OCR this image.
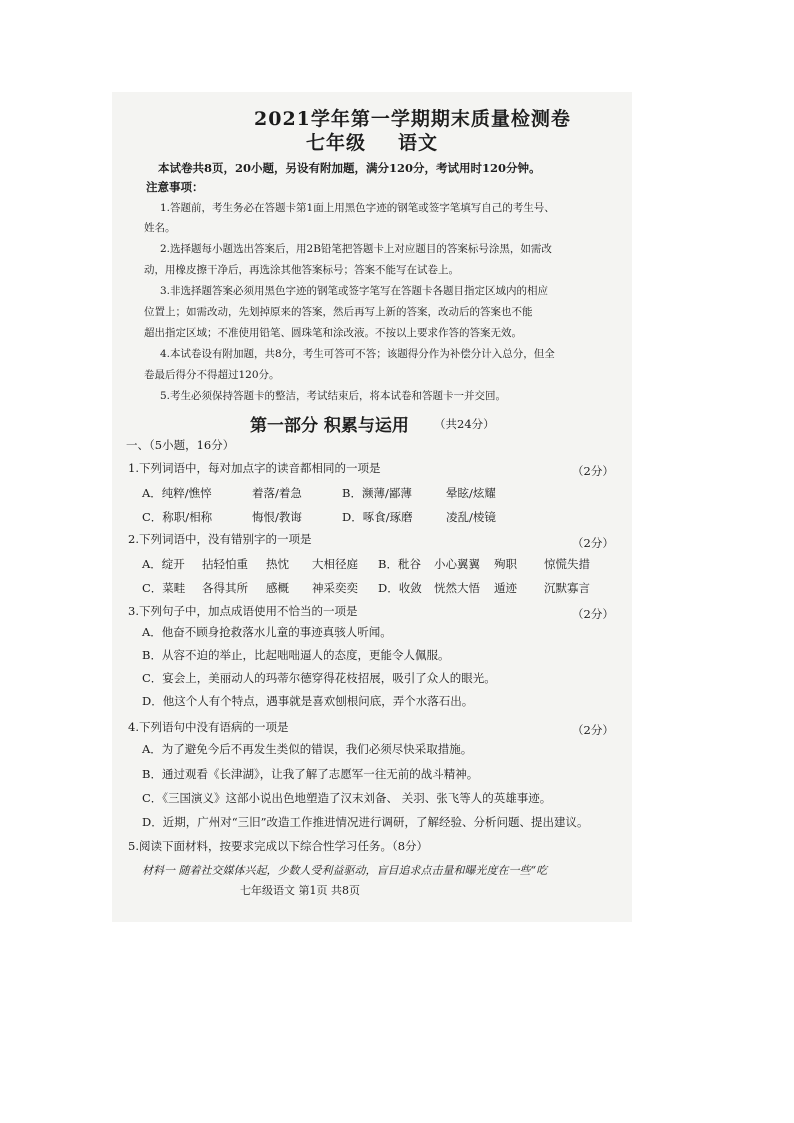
2021学年第一学期期末质量检测卷
七年级 语文
本试卷共8页，20小题，另设有附加题，满分120分，考试用时120分钟。
注意事项：
1.答题前，考生务必在答题卡第1面上用黑色字迹的钢笔或签字笔填写自己的考生号、
姓名。
2.选择题每小题选出答案后，用2B铅笔把答题卡上对应题目的答案标号涂黑，如需改
动，用橡皮擦干净后，再选涂其他答案标号；答案不能写在试卷上。
3.非选择题答案必须用黑色字迹的钢笔或签字笔写在答题卡各题目指定区域内的相应
位置上；如需改动，先划掉原来的答案，然后再写上新的答案，改动后的答案也不能
超出指定区域；不准使用铅笔、圆珠笔和涂改液。不按以上要求作答的答案无效。
4.本试卷设有附加题，共8分，考生可答可不答；该题得分作为补偿分计入总分，但全
卷最后得分不得超过120分。
5.考生必须保持答题卡的整洁，考试结束后，将本试卷和答题卡一并交回。
第一部分 积累与运用 （共24分）
一、（5小题，16分）
1.下列词语中，每对加点字的读音都相同的一项是	（2分）
A．纯粹/憔悴	着落/着急	B．濒薄/鄙薄	晕眩/炫耀
C．称职/相称	悔恨/教诲	D．啄食/琢磨	凌乱/棱镜
2.下列词语中，没有错别字的一项是	（2分）
A．绽开 拈轻怕重 热忱 大相径庭 B．秕谷 小心翼翼 殉职 惊慌失措
C．菜畦 各得其所 感概 神采奕奕 D．收敛 恍然大悟 遁迹 沉默寡言
3.下列句子中，加点成语使用不恰当的一项是	（2分）
A．他奋不顾身抢救落水儿童的事迹真骇人听闻。
B．从容不迫的举止，比起咄咄逼人的态度，更能令人佩服。
C．宴会上，美丽动人的玛蒂尔德穿得花枝招展，吸引了众人的眼光。
D．他这个人有个特点，遇事就是喜欢刨根问底，弄个水落石出。
4.下列语句中没有语病的一项是	（2分）
A．为了避免今后不再发生类似的错误，我们必须尽快采取措施。
B．通过观看《长津湖》，让我了解了志愿军一往无前的战斗精神。
C．《三国演义》这部小说出色地塑造了汉末刘备、 关羽、张飞等人的英雄事迹。
D．近期，广州对“三旧”改造工作推进情况进行调研，了解经验、分析问题、提出建议。
5.阅读下面材料，按要求完成以下综合性学习任务。（8分）
材料一 随着社交媒体兴起，少数人受利益驱动，盲目追求点击量和曝光度在一些“吃
七年级语文 第1页 共8页
